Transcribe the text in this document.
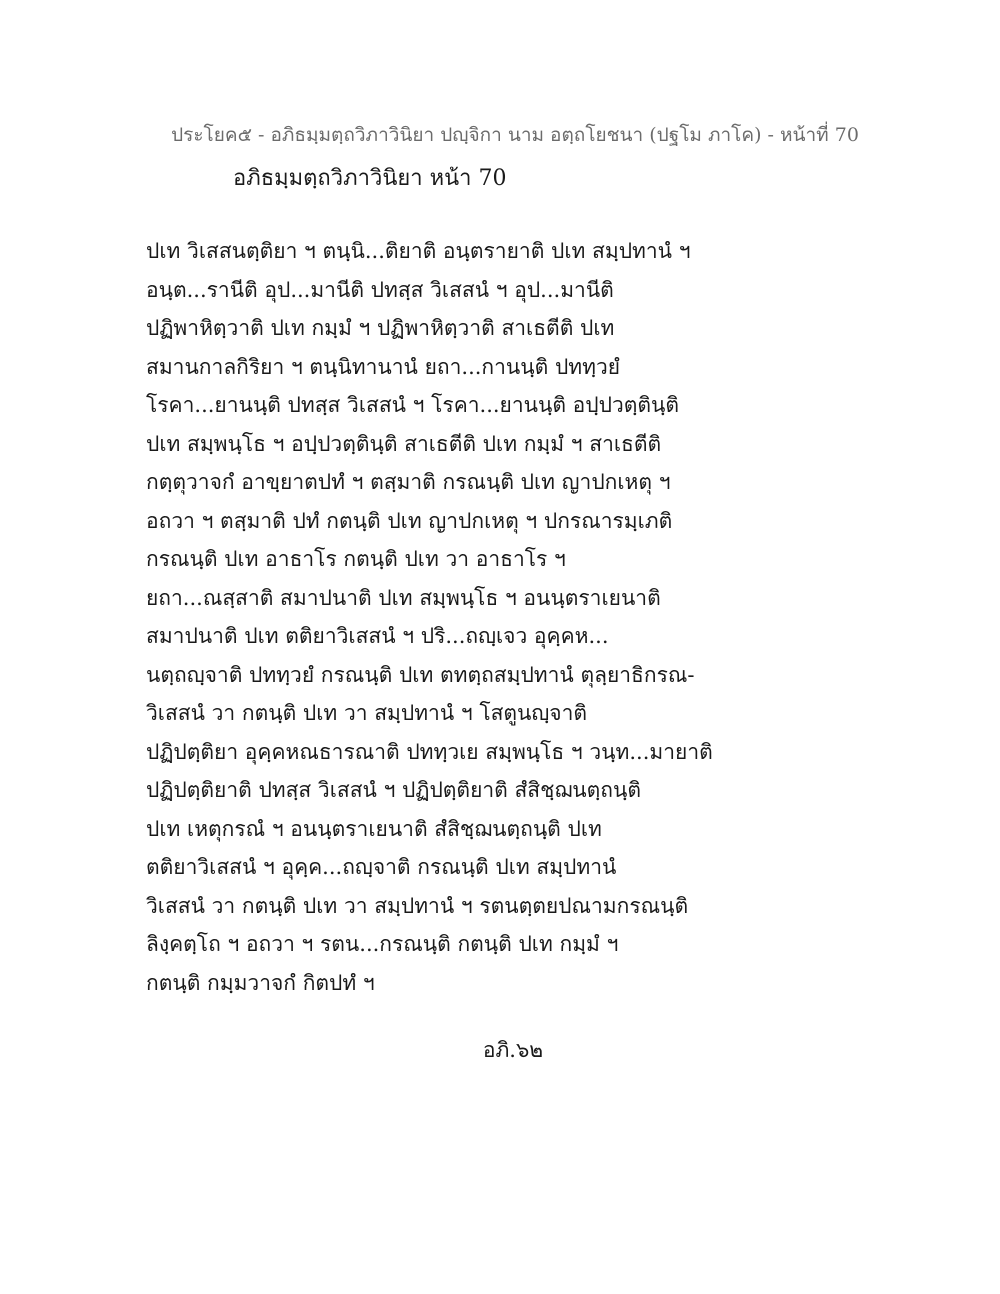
ประโยค๕ - อภิธมฺมตฺถวิภาวินิยา ปญฺจิกา นาม อตฺถโยชนา (ปฐโม ภาโค) - หน้าที่ 70
อภิธมฺมตฺถวิภาวินิยา หน้า 70
ปเท วิเสสนตฺติยา ฯ ตนฺนิ...ติยาติ อนฺตรายาติ ปเท สมฺปทานํ ฯ
อนฺต...รานีติ อุป...มานีติ ปทสฺส วิเสสนํ ฯ อุป...มานีติ
ปฏิพาหิตฺวาติ ปเท กมฺมํ ฯ ปฏิพาหิตฺวาติ สาเธตีติ ปเท
สมานกาลกิริยา ฯ ตนฺนิทานานํ ยถา...กานนฺติ ปททฺวยํ
โรคา...ยานนฺติ ปทสฺส วิเสสนํ ฯ โรคา...ยานนฺติ อปฺปวตฺตินฺติ
ปเท สมฺพนฺโธ ฯ อปฺปวตฺตินฺติ สาเธตีติ ปเท กมฺมํ ฯ สาเธตีติ
กตฺตุวาจกํ อาขฺยาตปทํ ฯ ตสฺมาติ กรณนฺติ ปเท ญาปกเหตุ ฯ
อถวา ฯ ตสฺมาติ ปทํ กตนฺติ ปเท ญาปกเหตุ ฯ ปกรณารมฺเภติ
กรณนฺติ ปเท อาธาโร กตนฺติ ปเท วา อาธาโร ฯ
ยถา...ณสฺสาติ สมาปนาติ ปเท สมฺพนฺโธ ฯ อนนฺตราเยนาติ
สมาปนาติ ปเท ตติยาวิเสสนํ ฯ ปริ...ถญฺเจว อุคฺคห...
นตฺถญฺจาติ ปททฺวยํ กรณนฺติ ปเท ตทตฺถสมฺปทานํ ตุลฺยาธิกรณ-
วิเสสนํ วา กตนฺติ ปเท วา สมฺปทานํ ฯ โสตูนญฺจาติ
ปฏิปตฺติยา อุคฺคหณธารณาติ ปททฺวเย สมฺพนฺโธ ฯ วนฺท...มายาติ
ปฏิปตฺติยาติ ปทสฺส วิเสสนํ ฯ ปฏิปตฺติยาติ สํสิชฺฌนตฺถนฺติ
ปเท เหตุกรณํ ฯ อนนฺตราเยนาติ สํสิชฺฌนตฺถนฺติ ปเท
ตติยาวิเสสนํ ฯ อุคฺค...ถญฺจาติ กรณนฺติ ปเท สมฺปทานํ
วิเสสนํ วา กตนฺติ ปเท วา สมฺปทานํ ฯ รตนตฺตยปณามกรณนฺติ
ลิงฺคตฺโถ ฯ อถวา ฯ รตน...กรณนฺติ กตนฺติ ปเท กมฺมํ ฯ
กตนฺติ กมฺมวาจกํ กิตปทํ ฯ
อภิ.๖๒
